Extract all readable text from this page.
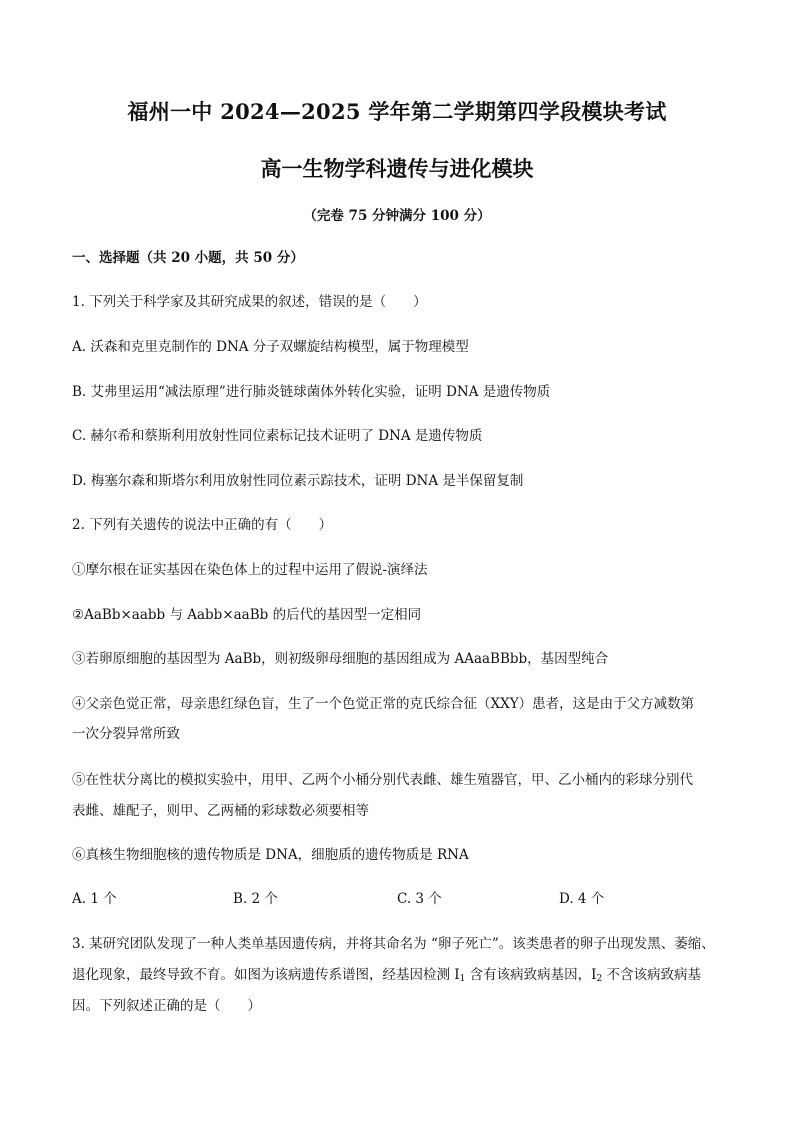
福州一中 2024—2025 学年第二学期第四学段模块考试
高一生物学科遗传与进化模块
（完卷 75 分钟满分 100 分）
一、选择题（共 20 小题，共 50 分）
1. 下列关于科学家及其研究成果的叙述，错误的是（　　）
A. 沃森和克里克制作的 DNA 分子双螺旋结构模型，属于物理模型
B. 艾弗里运用“减法原理”进行肺炎链球菌体外转化实验，证明 DNA 是遗传物质
C. 赫尔希和蔡斯利用放射性同位素标记技术证明了 DNA 是遗传物质
D. 梅塞尔森和斯塔尔利用放射性同位素示踪技术，证明 DNA 是半保留复制
2. 下列有关遗传的说法中正确的有（　　）
①摩尔根在证实基因在染色体上的过程中运用了假说-演绎法
②AaBb×aabb 与 Aabb×aaBb 的后代的基因型一定相同
③若卵原细胞的基因型为 AaBb，则初级卵母细胞的基因组成为 AAaaBBbb，基因型纯合
④父亲色觉正常，母亲患红绿色盲，生了一个色觉正常的克氏综合征（XXY）患者，这是由于父方减数第
一次分裂异常所致
⑤在性状分离比的模拟实验中，用甲、乙两个小桶分别代表雌、雄生殖器官，甲、乙小桶内的彩球分别代
表雌、雄配子，则甲、乙两桶的彩球数必须要相等
⑥真核生物细胞核的遗传物质是 DNA，细胞质的遗传物质是 RNA
A. 1 个	B. 2 个	C. 3 个	D. 4 个
3. 某研究团队发现了一种人类单基因遗传病，并将其命名为 “卵子死亡”。该类患者的卵子出现发黑、萎缩、
退化现象，最终导致不育。如图为该病遗传系谱图，经基因检测 $I_1$ 含有该病致病基因，$I_2$ 不含该病致病基
因。下列叙述正确的是（　　）
